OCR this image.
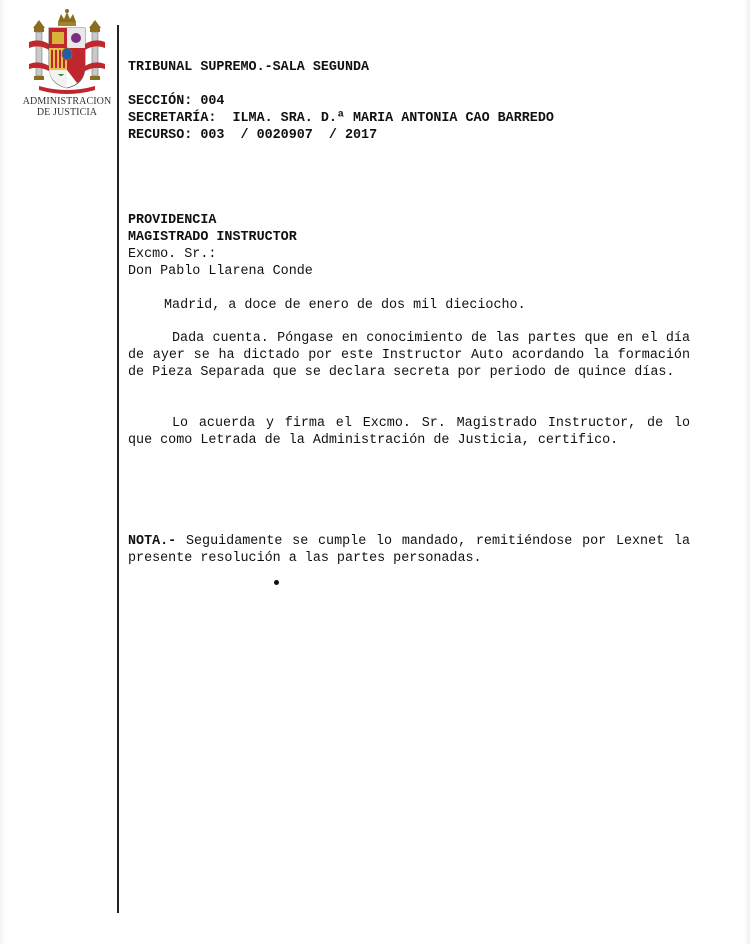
ADMINISTRACION
DE JUSTICIA
TRIBUNAL SUPREMO.-SALA SEGUNDA
SECCIÓN: 004
SECRETARÍA:  ILMA. SRA. D.ª MARIA ANTONIA CAO BARREDO
RECURSO: 003  / 0020907  / 2017
PROVIDENCIA
MAGISTRADO INSTRUCTOR
Excmo. Sr.:
Don Pablo Llarena Conde
Madrid, a doce de enero de dos mil dieciocho.
Dada cuenta. Póngase en conocimiento de las partes que en el día de ayer se ha dictado por este Instructor Auto acordando la formación de Pieza Separada que se declara secreta por periodo de quince días.
Lo acuerda y firma el Excmo. Sr. Magistrado Instructor, de lo que como Letrada de la Administración de Justicia, certifico.
NOTA.- Seguidamente se cumple lo mandado, remitiéndose por Lexnet la presente resolución a las partes personadas.
